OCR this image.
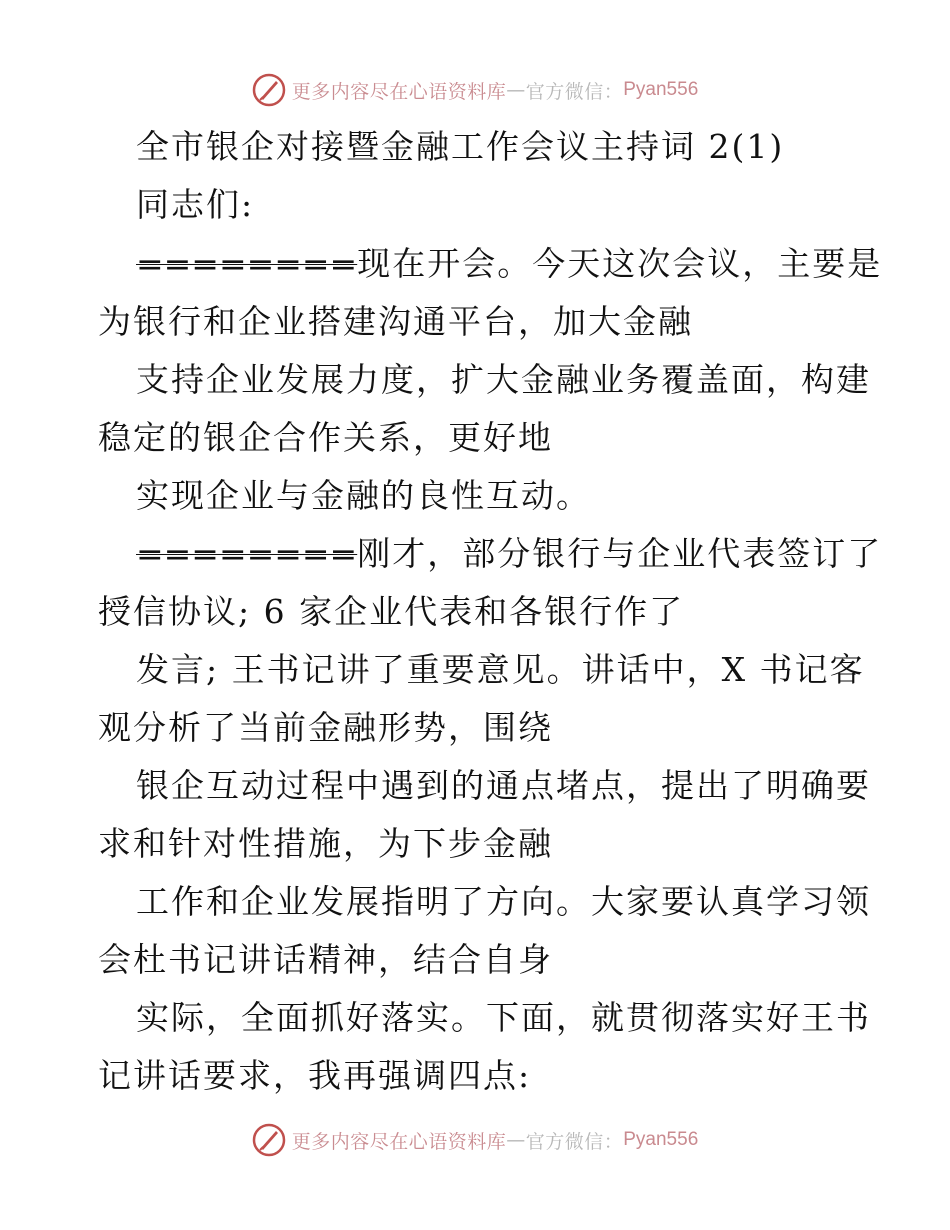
更多内容尽在心语资料库 — 官方微信： Pyan556
全市银企对接暨金融工作会议主持词 2(1)
同志们:
========现在开会。今天这次会议，主要是
为银行和企业搭建沟通平台，加大金融
支持企业发展力度，扩大金融业务覆盖面，构建
稳定的银企合作关系，更好地
实现企业与金融的良性互动。
========刚才，部分银行与企业代表签订了
授信协议; 6 家企业代表和各银行作了
发言; 王书记讲了重要意见。讲话中，X 书记客
观分析了当前金融形势，围绕
银企互动过程中遇到的通点堵点，提出了明确要
求和针对性措施，为下步金融
工作和企业发展指明了方向。大家要认真学习领
会杜书记讲话精神，结合自身
实际，全面抓好落实。下面，就贯彻落实好王书
记讲话要求，我再强调四点:
更多内容尽在心语资料库 — 官方微信： Pyan556
